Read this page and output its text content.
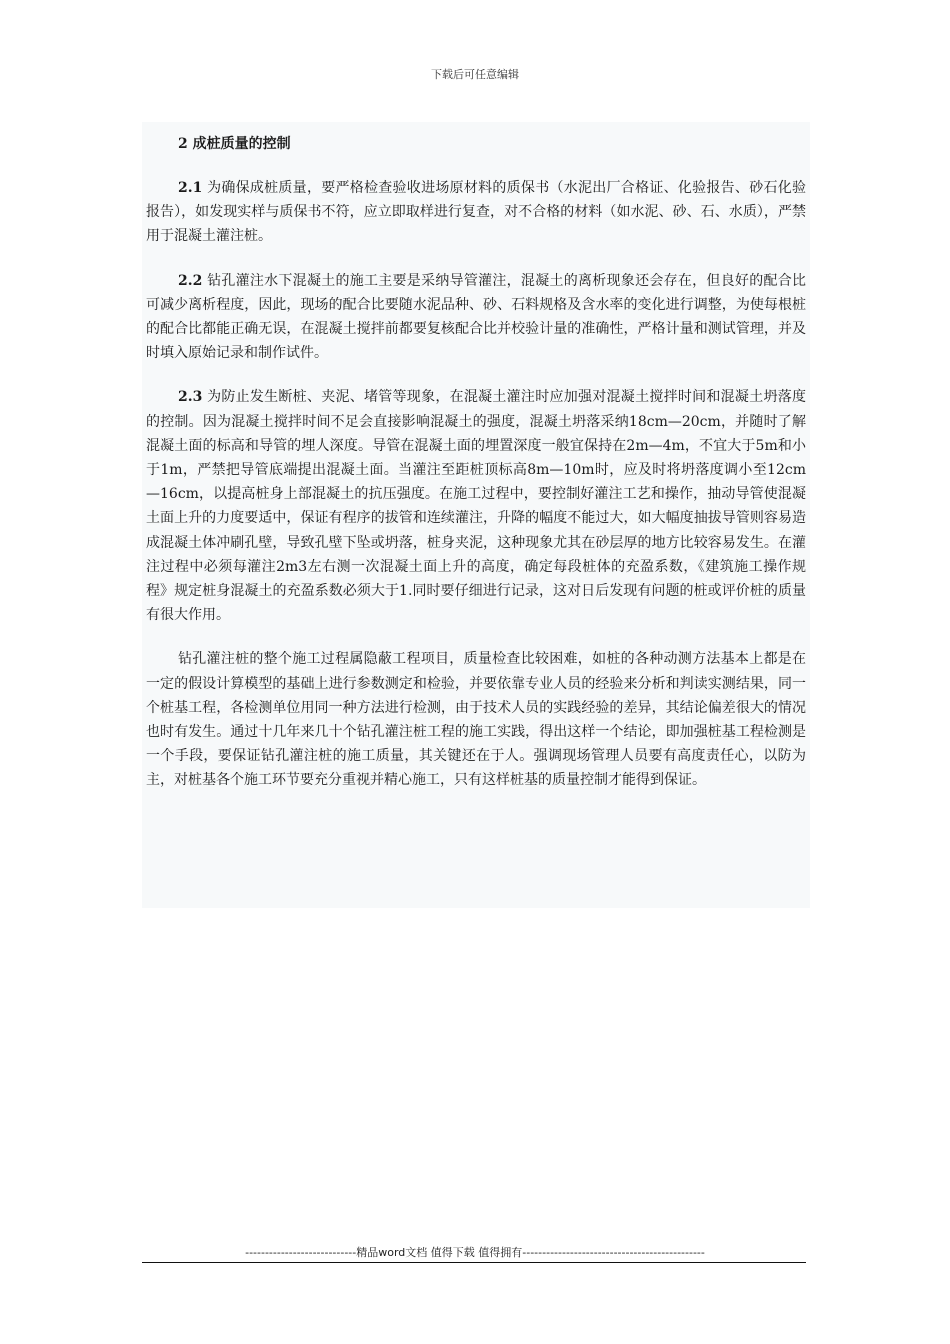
下载后可任意编辑
2 成桩质量的控制

2.1 为确保成桩质量，要严格检查验收进场原材料的质保书（水泥出厂合格证、化验报告、砂石化验报告），如发现实样与质保书不符，应立即取样进行复查，对不合格的材料（如水泥、砂、石、水质），严禁用于混凝土灌注桩。

2.2 钻孔灌注水下混凝土的施工主要是采纳导管灌注，混凝土的离析现象还会存在，但良好的配合比可减少离析程度，因此，现场的配合比要随水泥品种、砂、石料规格及含水率的变化进行调整，为使每根桩的配合比都能正确无误，在混凝土搅拌前都要复核配合比并校验计量的准确性，严格计量和测试管理，并及时填入原始记录和制作试件。

2.3 为防止发生断桩、夹泥、堵管等现象，在混凝土灌注时应加强对混凝土搅拌时间和混凝土坍落度的控制。因为混凝土搅拌时间不足会直接影响混凝土的强度，混凝土坍落采纳18cm—20cm，并随时了解混凝土面的标高和导管的埋人深度。导管在混凝土面的埋置深度一般宜保持在2m—4m，不宜大于5m和小于1m，严禁把导管底端提出混凝土面。当灌注至距桩顶标高8m—10m时，应及时将坍落度调小至12cm—16cm，以提高桩身上部混凝土的抗压强度。在施工过程中，要控制好灌注工艺和操作，抽动导管使混凝土面上升的力度要适中，保证有程序的拔管和连续灌注，升降的幅度不能过大，如大幅度抽拔导管则容易造成混凝土体冲刷孔壁，导致孔壁下坠或坍落，桩身夹泥，这种现象尤其在砂层厚的地方比较容易发生。在灌注过程中必须每灌注2m3左右测一次混凝土面上升的高度，确定每段桩体的充盈系数，《建筑施工操作规程》规定桩身混凝土的充盈系数必须大于1.同时要仔细进行记录，这对日后发现有问题的桩或评价桩的质量有很大作用。

钻孔灌注桩的整个施工过程属隐蔽工程项目，质量检查比较困难，如桩的各种动测方法基本上都是在一定的假设计算模型的基础上进行参数测定和检验，并要依靠专业人员的经验来分析和判读实测结果，同一个桩基工程，各检测单位用同一种方法进行检测，由于技术人员的实践经验的差异，其结论偏差很大的情况也时有发生。通过十几年来几十个钻孔灌注桩工程的施工实践，得出这样一个结论，即加强桩基工程检测是一个手段，要保证钻孔灌注桩的施工质量，其关键还在于人。强调现场管理人员要有高度责任心，以防为主，对桩基各个施工环节要充分重视并精心施工，只有这样桩基的质量控制才能得到保证。

----------------------------精品word文档 值得下载 值得拥有----------------------------------------------
